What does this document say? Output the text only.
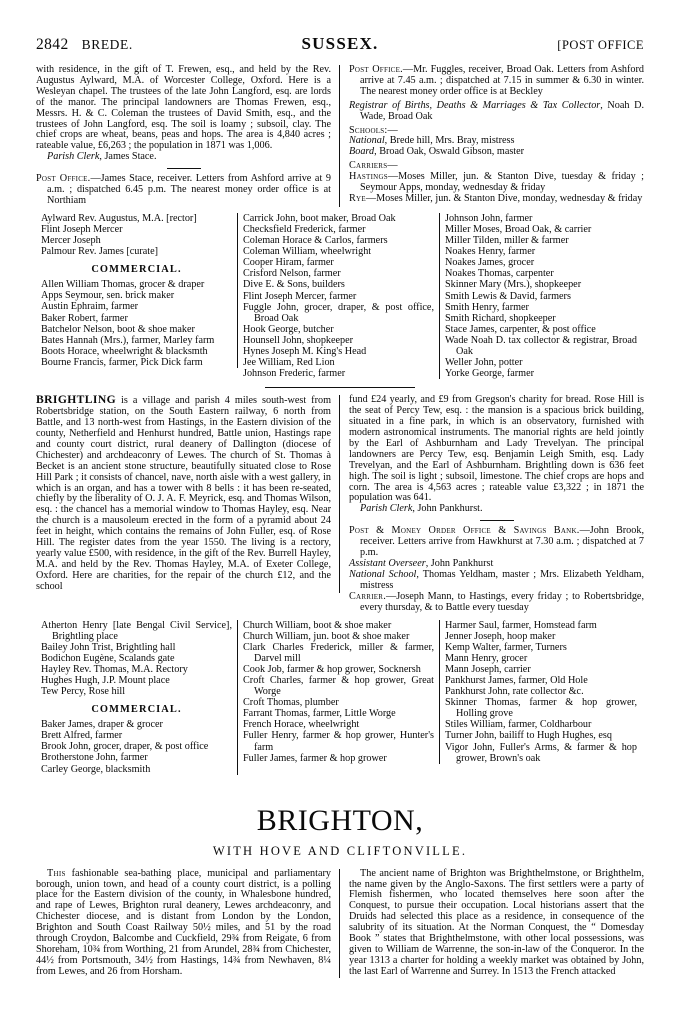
2842 BREDE.	SUSSEX.	[POST OFFICE

with residence, in the gift of T. Frewen, esq., and held by the Rev. Augustus Aylward, M.A. of Worcester College, Oxford. Here is a Wesleyan chapel. The trustees of the late John Langford, esq. are lords of the manor. The principal landowners are Thomas Frewen, esq., Messrs. H. & C. Coleman the trustees of David Smith, esq., and the trustees of John Langford, esq. The soil is loamy ; subsoil, clay. The chief crops are wheat, beans, peas and hops. The area is 4,840 acres ; rateable value, £6,263 ; the population in 1871 was 1,006.

Parish Clerk, James Stace.

Post Office.—James Stace, receiver. Letters from Ashford arrive at 9 a.m. ; dispatched 6.45 p.m. The nearest money order office is at Northiam

Post Office.—Mr. Fuggles, receiver, Broad Oak. Letters from Ashford arrive at 7.45 a.m. ; dispatched at 7.15 in summer & 6.30 in winter. The nearest money order office is at Beckley

Registrar of Births, Deaths & Marriages & Tax Collector, Noah D. Wade, Broad Oak

Schools:—

National, Brede hill, Mrs. Bray, mistress

Board, Broad Oak, Oswald Gibson, master

Carriers—

Hastings—Moses Miller, jun. & Stanton Dive, tuesday & friday ; Seymour Apps, monday, wednesday & friday

Rye—Moses Miller, jun. & Stanton Dive, monday, wednesday & friday

Aylward Rev. Augustus, M.A. [rector]
Flint Joseph Mercer
Mercer Joseph
Palmour Rev. James [curate]
COMMERCIAL.
Allen William Thomas, grocer & draper
Apps Seymour, sen. brick maker
Austin Ephraim, farmer
Baker Robert, farmer
Batchelor Nelson, boot & shoe maker
Bates Hannah (Mrs.), farmer, Marley farm
Boots Horace, wheelwright & blacksmth
Bourne Francis, farmer, Pick Dick farm
Carrick John, boot maker, Broad Oak
Checksfield Frederick, farmer
Coleman Horace & Carlos, farmers
Coleman William, wheelwright
Cooper Hiram, farmer
Crisford Nelson, farmer
Dive E. & Sons, builders
Flint Joseph Mercer, farmer
Fuggle John, grocer, draper, & post office, Broad Oak
Hook George, butcher
Hounsell John, shopkeeper
Hynes Joseph M. King's Head
Jee William, Red Lion
Johnson Frederic, farmer
Johnson John, farmer
Miller Moses, Broad Oak, & carrier
Miller Tilden, miller & farmer
Noakes Henry, farmer
Noakes James, grocer
Noakes Thomas, carpenter
Skinner Mary (Mrs.), shopkeeper
Smith Lewis & David, farmers
Smith Henry, farmer
Smith Richard, shopkeeper
Stace James, carpenter, & post office
Wade Noah D. tax collector & registrar, Broad Oak
Weller John, potter
Yorke George, farmer

BRIGHTLING is a village and parish 4 miles south-west from Robertsbridge station, on the South Eastern railway, 6 north from Battle, and 13 north-west from Hastings, in the Eastern division of the county, Netherfield and Henhurst hundred, Battle union, Hastings rape and county court district, rural deanery of Dallington (diocese of Chichester) and archdeaconry of Lewes. The church of St. Thomas à Becket is an ancient stone structure, beautifully situated close to Rose Hill Park ; it consists of chancel, nave, north aisle with a west gallery, in which is an organ, and has a tower with 8 bells : it has been re-seated, chiefly by the liberality of O. J. A. F. Meyrick, esq. and Thomas Wilson, esq. : the chancel has a memorial window to Thomas Hayley, esq. Near the church is a mausoleum erected in the form of a pyramid about 24 feet in height, which contains the remains of John Fuller, esq. of Rose Hill. The register dates from the year 1550. The living is a rectory, yearly value £500, with residence, in the gift of the Rev. Burrell Hayley, M.A. and held by the Rev. Thomas Hayley, M.A. of Exeter College, Oxford. Here are charities, for the repair of the church £12, and the school

fund £24 yearly, and £9 from Gregson's charity for bread. Rose Hill is the seat of Percy Tew, esq. : the mansion is a spacious brick building, situated in a fine park, in which is an observatory, furnished with modern astronomical instruments. The manorial rights are held jointly by the Earl of Ashburnham and Lady Trevelyan. The principal landowners are Percy Tew, esq. Benjamin Leigh Smith, esq. Lady Trevelyan, and the Earl of Ashburnham. Brightling down is 636 feet high. The soil is light ; subsoil, limestone. The chief crops are hops and corn. The area is 4,563 acres ; rateable value £3,322 ; in 1871 the population was 641.

Parish Clerk, John Pankhurst.

Post & Money Order Office & Savings Bank.—John Brook, receiver. Letters arrive from Hawkhurst at 7.30 a.m. ; dispatched at 7 p.m.

Assistant Overseer, John Pankhurst

National School, Thomas Yeldham, master ; Mrs. Elizabeth Yeldham, mistress

Carrier.—Joseph Mann, to Hastings, every friday ; to Robertsbridge, every thursday, & to Battle every tuesday

Atherton Henry [late Bengal Civil Service], Brightling place
Bailey John Trist, Brightling hall
Bodichon Eugène, Scalands gate
Hayley Rev. Thomas, M.A. Rectory
Hughes Hugh, J.P. Mount place
Tew Percy, Rose hill
COMMERCIAL.
Baker James, draper & grocer
Brett Alfred, farmer
Brook John, grocer, draper, & post office
Brotherstone John, farmer
Carley George, blacksmith
Church William, boot & shoe maker
Church William, jun. boot & shoe maker
Clark Charles Frederick, miller & farmer, Darvel mill
Cook Job, farmer & hop grower, Socknersh
Croft Charles, farmer & hop grower, Great Worge
Croft Thomas, plumber
Farrant Thomas, farmer, Little Worge
French Horace, wheelwright
Fuller Henry, farmer & hop grower, Hunter's farm
Fuller James, farmer & hop grower
Harmer Saul, farmer, Homstead farm
Jenner Joseph, hoop maker
Kemp Walter, farmer, Turners
Mann Henry, grocer
Mann Joseph, carrier
Pankhurst James, farmer, Old Hole
Pankhurst John, rate collector &c.
Skinner Thomas, farmer & hop grower, Holling grove
Stiles William, farmer, Coldharbour
Turner John, bailiff to Hugh Hughes, esq
Vigor John, Fuller's Arms, & farmer & hop grower, Brown's oak
BRIGHTON,
WITH HOVE AND CLIFTONVILLE.

This fashionable sea-bathing place, municipal and parliamentary borough, union town, and head of a county court district, is a polling place for the Eastern division of the county, in Whalesbone hundred, and rape of Lewes, Brighton rural deanery, Lewes archdeaconry, and Chichester diocese, and is distant from London by the London, Brighton and South Coast Railway 50½ miles, and 51 by the road through Croydon, Balcombe and Cuckfield, 29¾ from Reigate, 6 from Shoreham, 10¾ from Worthing, 21 from Arundel, 28¾ from Chichester, 44½ from Portsmouth, 34½ from Hastings, 14¾ from Newhaven, 8¼ from Lewes, and 26 from Horsham.

The ancient name of Brighton was Brighthelmstone, or Brighthelm, the name given by the Anglo-Saxons. The first settlers were a party of Flemish fishermen, who located themselves here soon after the Conquest, to pursue their occupation. Local historians assert that the Druids had selected this place as a residence, in consequence of the salubrity of its situation. At the Norman Conquest, the “ Domesday Book ” states that Brighthelmstone, with other local possessions, was given to William de Warrenne, the son-in-law of the Conqueror. In the year 1313 a charter for holding a weekly market was obtained by John, the last Earl of Warrenne and Surrey. In 1513 the French attacked
